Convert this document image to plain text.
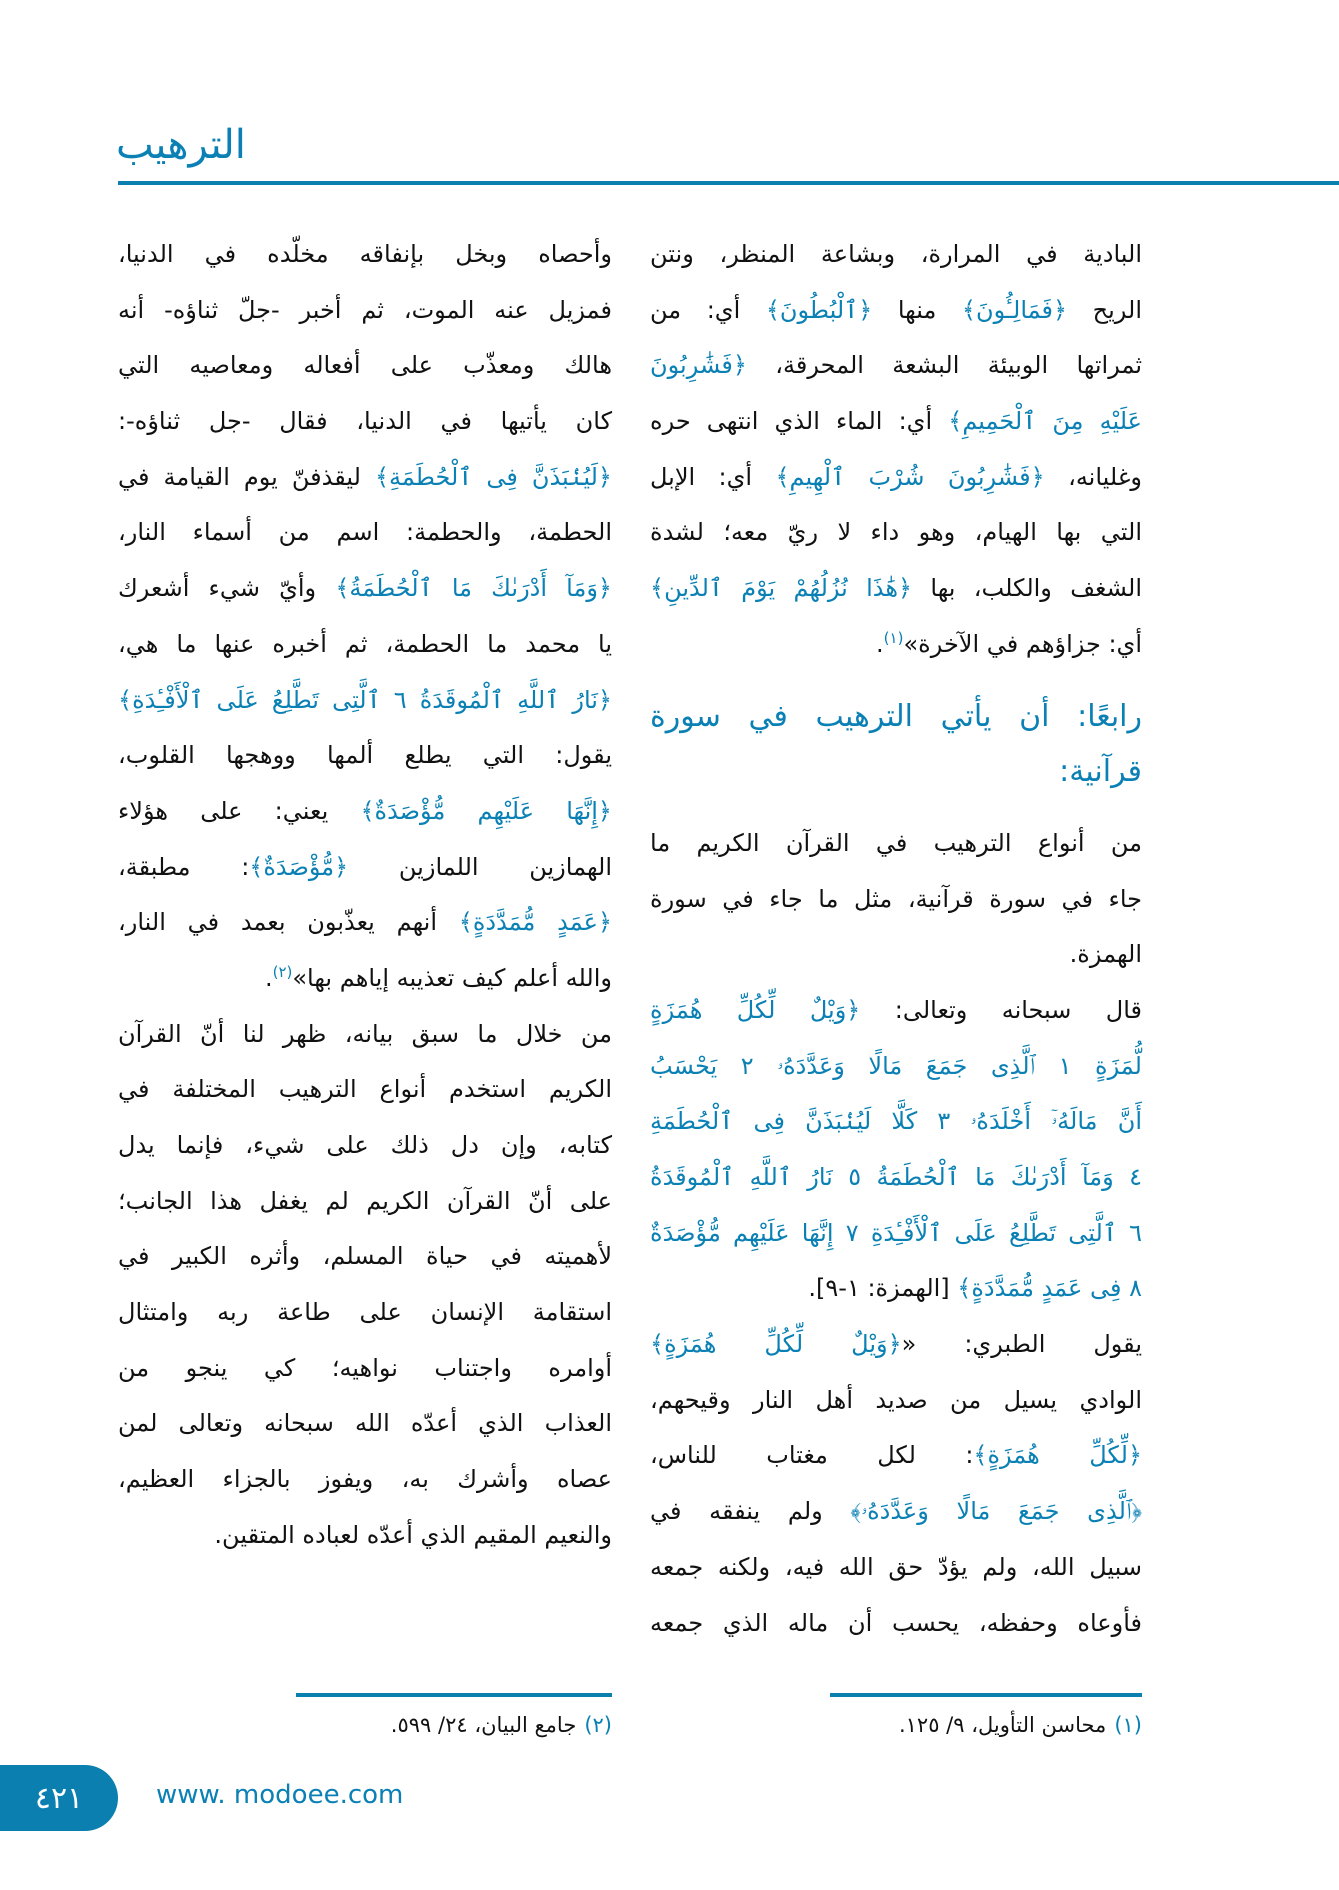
الترهيب
البادية في المرارة، وبشاعة المنظر، ونتن
الريح ﴿فَمَالِـُٔونَ﴾ منها ﴿ٱلْبُطُونَ﴾ أي: من
ثمراتها الوبيئة البشعة المحرقة، ﴿فَشَٰرِبُونَ
عَلَيْهِ مِنَ ٱلْحَمِيمِ﴾ أي: الماء الذي انتهى حره
وغليانه، ﴿فَشَٰرِبُونَ شُرْبَ ٱلْهِيمِ﴾ أي: الإبل
التي بها الهيام، وهو داء لا ريّ معه؛ لشدة
الشغف والكلب، بها ﴿هَٰذَا نُزُلُهُمْ يَوْمَ ٱلدِّينِ﴾
أي: جزاؤهم في الآخرة»$^{(١)}$.
رابعًا: أن يأتي الترهيب في سورة
قرآنية:
من أنواع الترهيب في القرآن الكريم ما
جاء في سورة قرآنية، مثل ما جاء في سورة
الهمزة.
قال سبحانه وتعالى: ﴿وَيْلٌ لِّكُلِّ هُمَزَةٍ
لُّمَزَةٍ ١ ٱلَّذِى جَمَعَ مَالًا وَعَدَّدَهُۥ ٢ يَحْسَبُ
أَنَّ مَالَهُۥٓ أَخْلَدَهُۥ ٣ كَلَّا لَيُنۢبَذَنَّ فِى ٱلْحُطَمَةِ
٤ وَمَآ أَدْرَىٰكَ مَا ٱلْحُطَمَةُ ٥ نَارُ ٱللَّهِ ٱلْمُوقَدَةُ
٦ ٱلَّتِى تَطَّلِعُ عَلَى ٱلْأَفْـِٔدَةِ ٧ إِنَّهَا عَلَيْهِم مُّؤْصَدَةٌ
٨ فِى عَمَدٍ مُّمَدَّدَةٍ﴾ [الهمزة: ١-٩].
يقول الطبري: «﴿وَيْلٌ لِّكُلِّ هُمَزَةٍ﴾
الوادي يسيل من صديد أهل النار وقيحهم،
﴿لِّكُلِّ هُمَزَةٍ﴾: لكل مغتاب للناس،
﴿ٱلَّذِى جَمَعَ مَالًا وَعَدَّدَهُۥ﴾ ولم ينفقه في
سبيل الله، ولم يؤدّ حق الله فيه، ولكنه جمعه
فأوعاه وحفظه، يحسب أن ماله الذي جمعه
وأحصاه وبخل بإنفاقه مخلّده في الدنيا،
فمزيل عنه الموت، ثم أخبر -جلّ ثناؤه- أنه
هالك ومعذّب على أفعاله ومعاصيه التي
كان يأتيها في الدنيا، فقال -جل ثناؤه-:
﴿لَيُنۢبَذَنَّ فِى ٱلْحُطَمَةِ﴾ ليقذفنّ يوم القيامة في
الحطمة، والحطمة: اسم من أسماء النار،
﴿وَمَآ أَدْرَىٰكَ مَا ٱلْحُطَمَةُ﴾ وأيّ شيء أشعرك
يا محمد ما الحطمة، ثم أخبره عنها ما هي،
﴿نَارُ ٱللَّهِ ٱلْمُوقَدَةُ ٦ ٱلَّتِى تَطَّلِعُ عَلَى ٱلْأَفْـِٔدَةِ﴾
يقول: التي يطلع ألمها ووهجها القلوب،
﴿إِنَّهَا عَلَيْهِم مُّؤْصَدَةٌ﴾ يعني: على هؤلاء
الهمازين اللمازين ﴿مُّؤْصَدَةٌ﴾: مطبقة،
﴿عَمَدٍ مُّمَدَّدَةٍ﴾ أنهم يعذّبون بعمد في النار،
والله أعلم كيف تعذيبه إياهم بها»$^{(٢)}$.
من خلال ما سبق بيانه، ظهر لنا أنّ القرآن
الكريم استخدم أنواع الترهيب المختلفة في
كتابه، وإن دل ذلك على شيء، فإنما يدل
على أنّ القرآن الكريم لم يغفل هذا الجانب؛
لأهميته في حياة المسلم، وأثره الكبير في
استقامة الإنسان على طاعة ربه وامتثال
أوامره واجتناب نواهيه؛ كي ينجو من
العذاب الذي أعدّه الله سبحانه وتعالى لمن
عصاه وأشرك به، ويفوز بالجزاء العظيم،
والنعيم المقيم الذي أعدّه لعباده المتقين.
(١)محاسن التأويل، ٩/ ١٢٥.
(٢)جامع البيان، ٢٤/ ٥٩٩.
٤٢١	www. modoee.com
